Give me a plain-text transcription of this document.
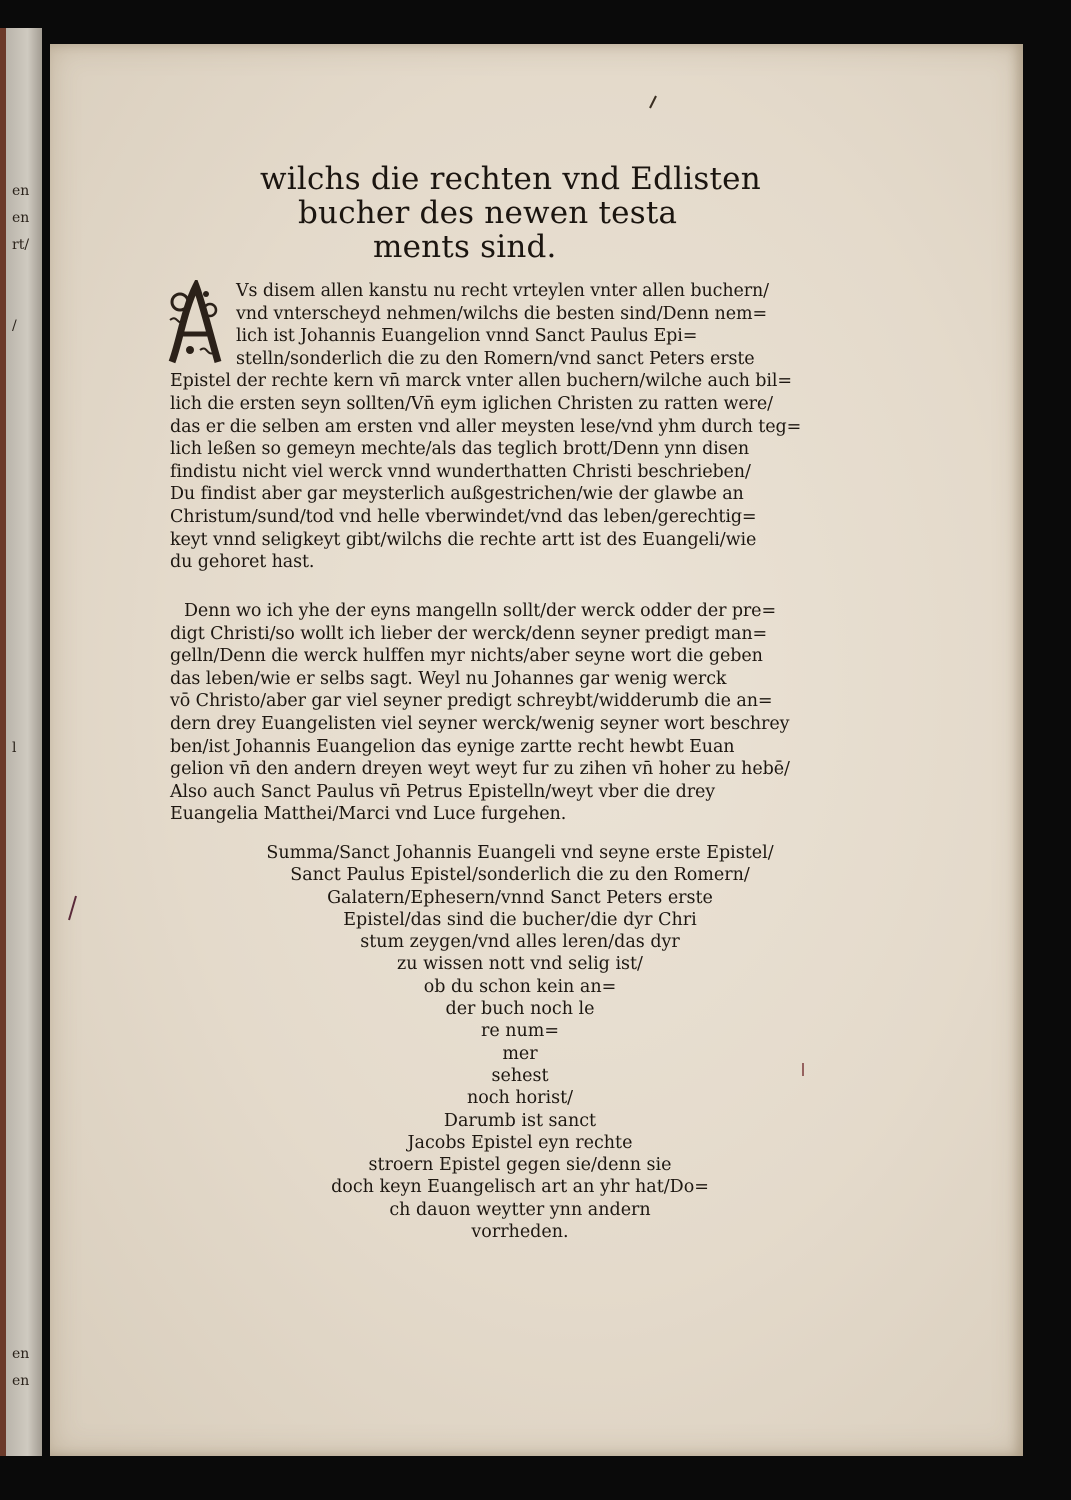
en
en
rt/
/
l
en
en
wilchs die rechten vnd Edlisten
bucher des newen testa
ments sind.
Vs disem allen kanstu nu recht vrteylen vnter allen buchern/
vnd vnterscheyd nehmen/wilchs die besten sind/Denn nem=
lich ist Johannis Euangelion vnnd Sanct Paulus Epi=
stelln/sonderlich die zu den Romern/vnd sanct Peters erste
Epistel der rechte kern vn̄ marck vnter allen buchern/wilche auch bil=
lich die ersten seyn sollten/Vn̄ eym iglichen Christen zu ratten were/
das er die selben am ersten vnd aller meysten lese/vnd yhm durch teg=
lich leßen so gemeyn mechte/als das teglich brott/Denn ynn disen
findistu nicht viel werck vnnd wunderthatten Christi beschrieben/
Du findist aber gar meysterlich außgestrichen/wie der glawbe an
Christum/sund/tod vnd helle vberwindet/vnd das leben/gerechtig=
keyt vnnd seligkeyt gibt/wilchs die rechte artt ist des Euangeli/wie
du gehoret hast.
Denn wo ich yhe der eyns mangelln sollt/der werck odder der pre=
digt Christi/so wollt ich lieber der werck/denn seyner predigt man=
gelln/Denn die werck hulffen myr nichts/aber seyne wort die geben
das leben/wie er selbs sagt. Weyl nu Johannes gar wenig werck
vō Christo/aber gar viel seyner predigt schreybt/widderumb die an=
dern drey Euangelisten viel seyner werck/wenig seyner wort beschrey
ben/ist Johannis Euangelion das eynige zartte recht hewbt Euan
gelion vn̄ den andern dreyen weyt weyt fur zu zihen vn̄ hoher zu hebē/
Also auch Sanct Paulus vn̄ Petrus Epistelln/weyt vber die drey
Euangelia Matthei/Marci vnd Luce furgehen.
Summa/Sanct Johannis Euangeli vnd seyne erste Epistel/
Sanct Paulus Epistel/sonderlich die zu den Romern/
Galatern/Ephesern/vnnd Sanct Peters erste
Epistel/das sind die bucher/die dyr Chri
stum zeygen/vnd alles leren/das dyr
zu wissen nott vnd selig ist/
ob du schon kein an=
der buch noch le
re num=
mer
sehest
noch horist/
Darumb ist sanct
Jacobs Epistel eyn rechte
stroern Epistel gegen sie/denn sie
doch keyn Euangelisch art an yhr hat/Do=
ch dauon weytter ynn andern
vorrheden.
